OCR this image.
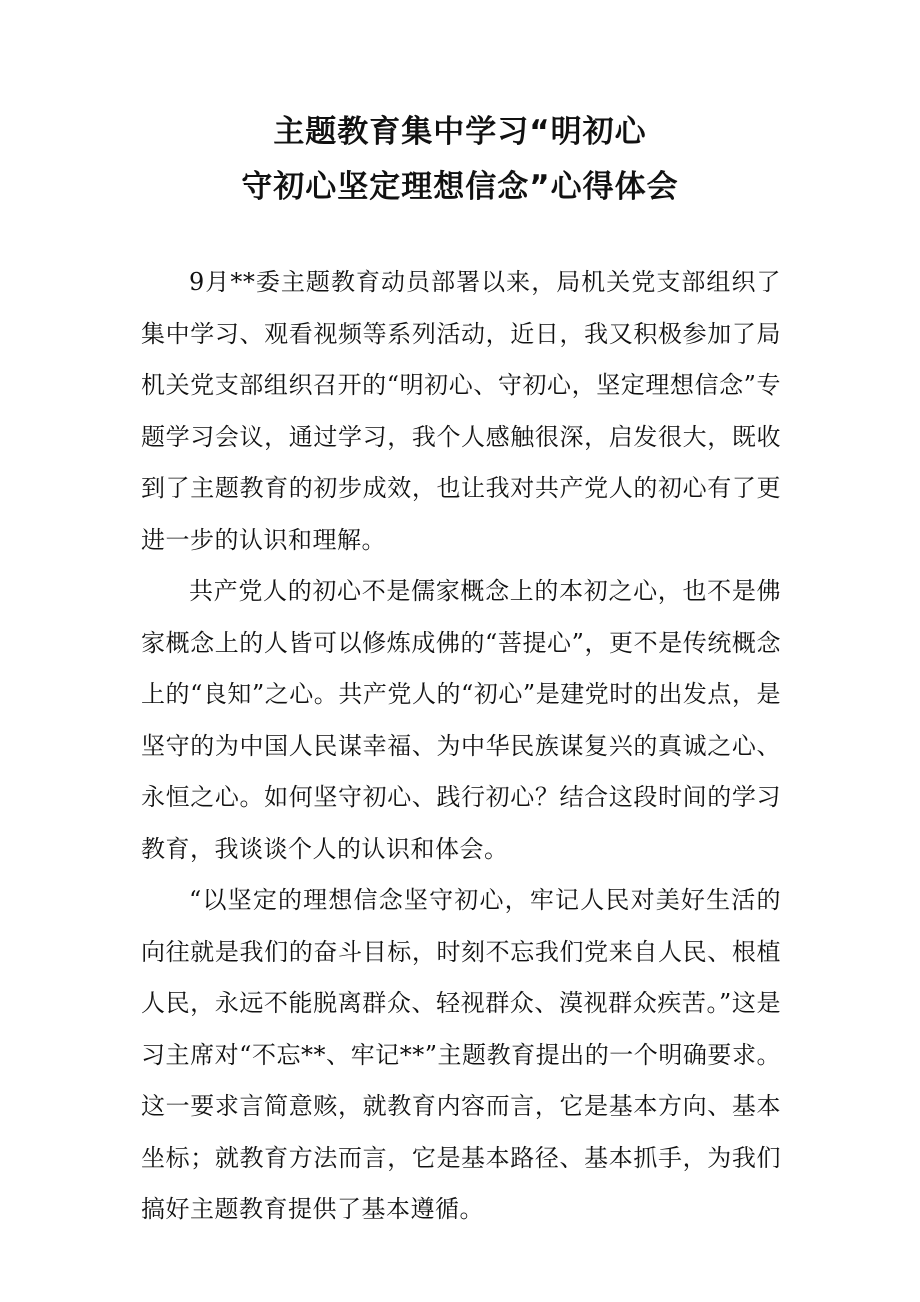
主题教育集中学习“明初心
守初心坚定理想信念”心得体会

9月**委主题教育动员部署以来，局机关党支部组织了集中学习、观看视频等系列活动，近日，我又积极参加了局机关党支部组织召开的“明初心、守初心，坚定理想信念”专题学习会议，通过学习，我个人感触很深，启发很大，既收到了主题教育的初步成效，也让我对共产党人的初心有了更进一步的认识和理解。

共产党人的初心不是儒家概念上的本初之心，也不是佛家概念上的人皆可以修炼成佛的“菩提心”，更不是传统概念上的“良知”之心。共产党人的“初心”是建党时的出发点，是坚守的为中国人民谋幸福、为中华民族谋复兴的真诚之心、永恒之心。如何坚守初心、践行初心？结合这段时间的学习教育，我谈谈个人的认识和体会。

“以坚定的理想信念坚守初心，牢记人民对美好生活的向往就是我们的奋斗目标，时刻不忘我们党来自人民、根植人民，永远不能脱离群众、轻视群众、漠视群众疾苦。”这是习主席对“不忘**、牢记**”主题教育提出的一个明确要求。这一要求言简意赅，就教育内容而言，它是基本方向、基本坐标；就教育方法而言，它是基本路径、基本抓手，为我们搞好主题教育提供了基本遵循。
